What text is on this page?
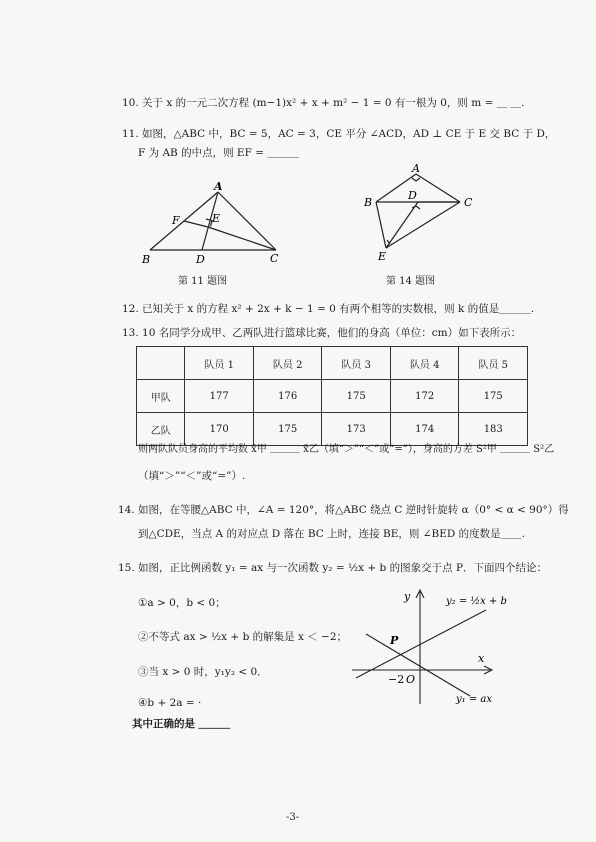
10. 关于 x 的一元二次方程 (m−1)x² + x + m² − 1 = 0 有一根为 0，则 m = ＿ ＿.
11. 如图，△ABC 中，BC = 5，AC = 3，CE 平分 ∠ACD，AD ⊥ CE 于 E 交 BC 于 D，
F 为 AB 的中点，则 EF = ＿＿＿
A
B	C
D
E
F
第 11 题图
A
B	C
D
E
第 14 题图
12. 已知关于 x 的方程 x² + 2x + k − 1 = 0 有两个相等的实数根，则 k 的值是＿＿＿.
13. 10 名同学分成甲、乙两队进行篮球比赛，他们的身高（单位：cm）如下表所示：
	队员 1	队员 2	队员 3	队员 4	队员 5
甲队	177	176	175	172	175
乙队	170	175	173	174	183
则两队队员身高的平均数 x̄甲 ＿＿＿ x̄乙（填“＞”“＜”或“=”），身高的方差 S²甲 ＿＿＿ S²乙
（填“＞”“＜”或“=”）.
14. 如图，在等腰△ABC 中，∠A = 120°，将△ABC 绕点 C 逆时针旋转 α（0° < α < 90°）得
到△CDE，当点 A 的对应点 D 落在 BC 上时，连接 BE，则 ∠BED 的度数是＿＿.
15. 如图，正比例函数 y₁ = ax 与一次函数 y₂ = ½x + b 的图象交于点 P．下面四个结论：
①a > 0，b < 0；
②不等式 ax > ½x + b 的解集是 x ＜ −2；
③当 x > 0 时，y₁y₂ < 0．
④b + 2a = ·
其中正确的是 ＿＿＿
y
x
y₂ = ½x + b
y₁ = ax
P
−2 O
-3-
